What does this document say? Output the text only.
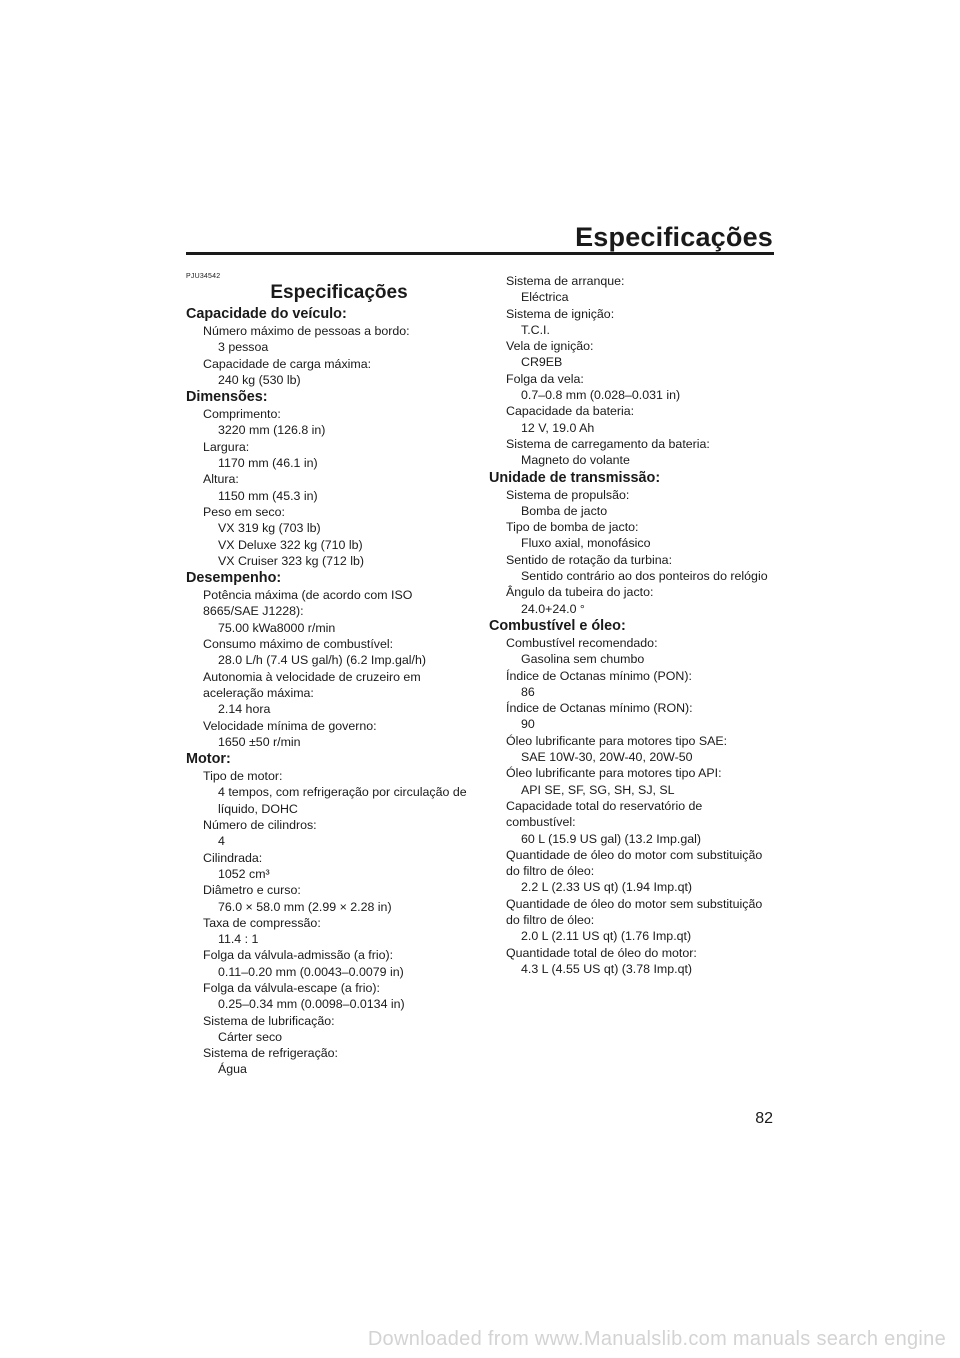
Especificações
PJU34542
Especificações
Capacidade do veículo:
Número máximo de pessoas a bordo:
3 pessoa
Capacidade de carga máxima:
240 kg (530 lb)
Dimensões:
Comprimento:
3220 mm (126.8 in)
Largura:
1170 mm (46.1 in)
Altura:
1150 mm (45.3 in)
Peso em seco:
VX 319 kg (703 lb)
VX Deluxe 322 kg (710 lb)
VX Cruiser 323 kg (712 lb)
Desempenho:
Potência máxima (de acordo com ISO
8665/SAE J1228):
75.00 kWa8000 r/min
Consumo máximo de combustível:
28.0 L/h (7.4 US gal/h) (6.2 Imp.gal/h)
Autonomia à velocidade de cruzeiro em
aceleração máxima:
2.14 hora
Velocidade mínima de governo:
1650 ±50 r/min
Motor:
Tipo de motor:
4 tempos, com refrigeração por circulação de
líquido, DOHC
Número de cilindros:
4
Cilindrada:
1052 cm³
Diâmetro e curso:
76.0 × 58.0 mm (2.99 × 2.28 in)
Taxa de compressão:
11.4 : 1
Folga da válvula-admissão (a frio):
0.11–0.20 mm (0.0043–0.0079 in)
Folga da válvula-escape (a frio):
0.25–0.34 mm (0.0098–0.0134 in)
Sistema de lubrificação:
Cárter seco
Sistema de refrigeração:
Água
Sistema de arranque:
Eléctrica
Sistema de ignição:
T.C.I.
Vela de ignição:
CR9EB
Folga da vela:
0.7–0.8 mm (0.028–0.031 in)
Capacidade da bateria:
12 V, 19.0 Ah
Sistema de carregamento da bateria:
Magneto do volante
Unidade de transmissão:
Sistema de propulsão:
Bomba de jacto
Tipo de bomba de jacto:
Fluxo axial, monofásico
Sentido de rotação da turbina:
Sentido contrário ao dos ponteiros do relógio
Ângulo da tubeira do jacto:
24.0+24.0 °
Combustível e óleo:
Combustível recomendado:
Gasolina sem chumbo
Índice de Octanas mínimo (PON):
86
Índice de Octanas mínimo (RON):
90
Óleo lubrificante para motores tipo SAE:
SAE 10W-30, 20W-40, 20W-50
Óleo lubrificante para motores tipo API:
API SE, SF, SG, SH, SJ, SL
Capacidade total do reservatório de
combustível:
60 L (15.9 US gal) (13.2 Imp.gal)
Quantidade de óleo do motor com substituição
do filtro de óleo:
2.2 L (2.33 US qt) (1.94 Imp.qt)
Quantidade de óleo do motor sem substituição
do filtro de óleo:
2.0 L (2.11 US qt) (1.76 Imp.qt)
Quantidade total de óleo do motor:
4.3 L (4.55 US qt) (3.78 Imp.qt)
82
Downloaded from www.Manualslib.com manuals search engine
